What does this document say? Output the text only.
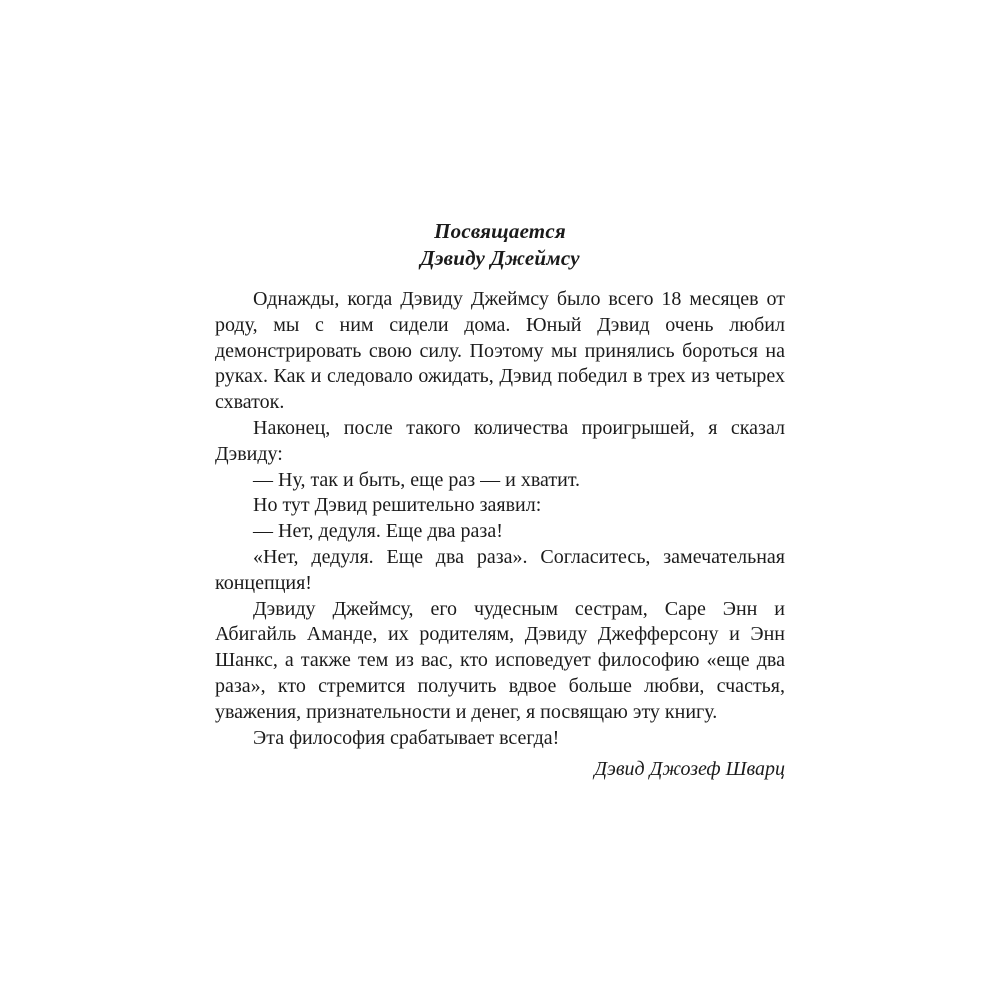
Посвящается
Дэвиду Джеймсу

Однажды, когда Дэвиду Джеймсу было всего 18 месяцев от роду, мы с ним сидели дома. Юный Дэвид очень любил демонстрировать свою силу. Поэтому мы принялись бороться на руках. Как и следовало ожидать, Дэвид победил в трех из четырех схваток.

Наконец, после такого количества проигрышей, я сказал Дэвиду:

— Ну, так и быть, еще раз — и хватит.

Но тут Дэвид решительно заявил:

— Нет, дедуля. Еще два раза!

«Нет, дедуля. Еще два раза». Согласитесь, замечательная концепция!

Дэвиду Джеймсу, его чудесным сестрам, Саре Энн и Абигайль Аманде, их родителям, Дэвиду Джефферсону и Энн Шанкс, а также тем из вас, кто исповедует философию «еще два раза», кто стремится получить вдвое больше любви, счастья, уважения, признательности и денег, я посвящаю эту книгу.

Эта философия срабатывает всегда!

Дэвид Джозеф Шварц
